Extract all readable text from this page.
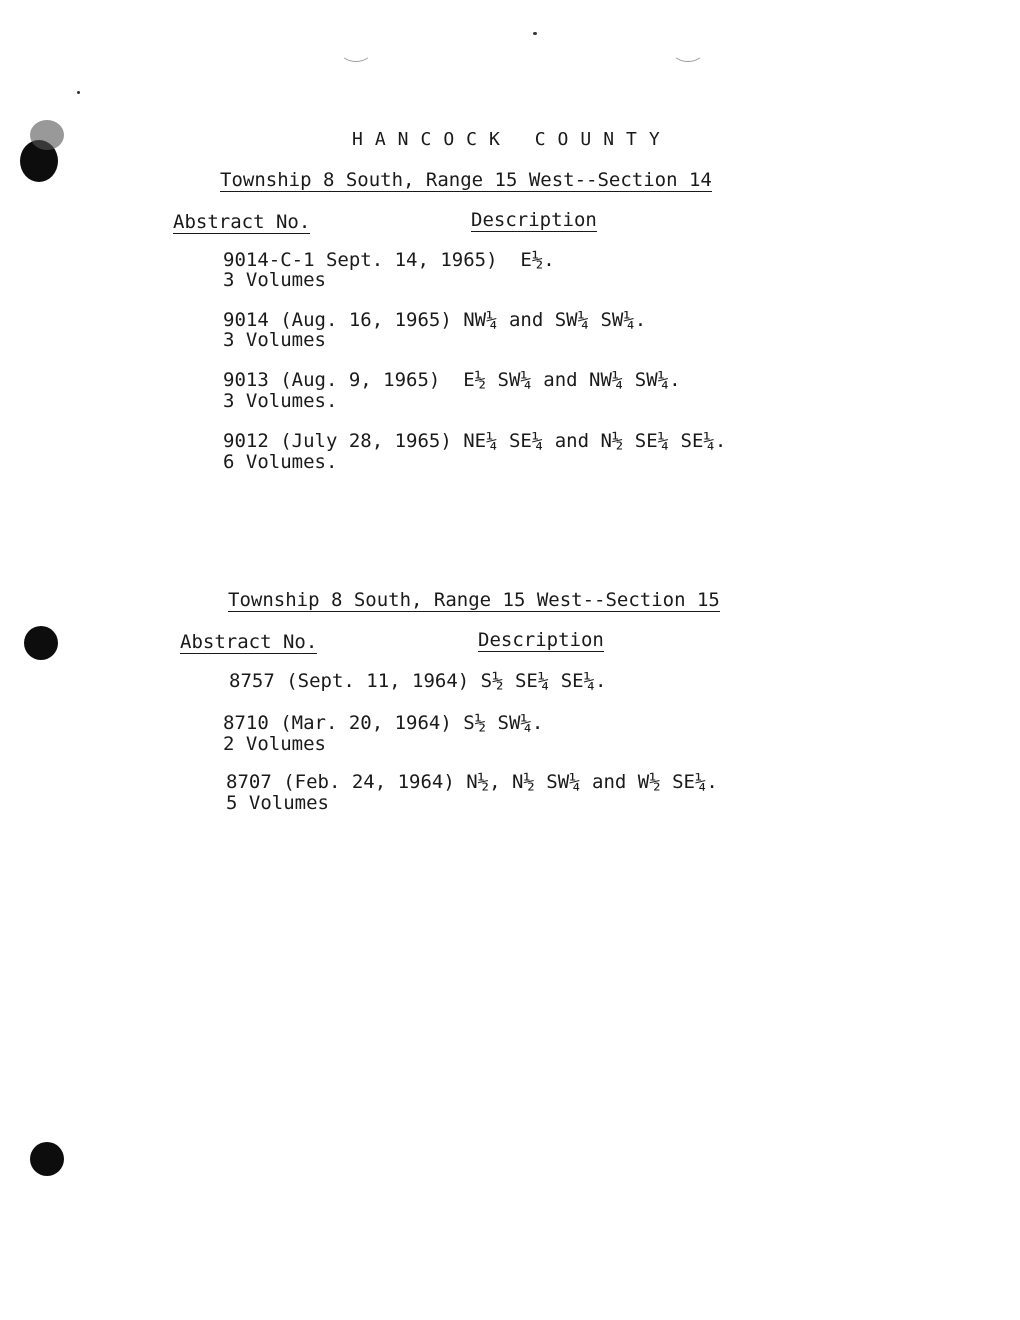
HANCOCK COUNTY
Township 8 South, Range 15 West--Section 14
Abstract No.	Description
9014-C-1 Sept. 14, 1965)  E½.
3 Volumes
9014 (Aug. 16, 1965) NW¼ and SW¼ SW¼.
3 Volumes
9013 (Aug. 9, 1965)  E½ SW¼ and NW¼ SW¼.
3 Volumes.
9012 (July 28, 1965) NE¼ SE¼ and N½ SE¼ SE¼.
6 Volumes.
Township 8 South, Range 15 West--Section 15
Abstract No.	Description
8757 (Sept. 11, 1964) S½ SE¼ SE¼.
8710 (Mar. 20, 1964) S½ SW¼.
2 Volumes
8707 (Feb. 24, 1964) N½, N½ SW¼ and W½ SE¼.
5 Volumes
